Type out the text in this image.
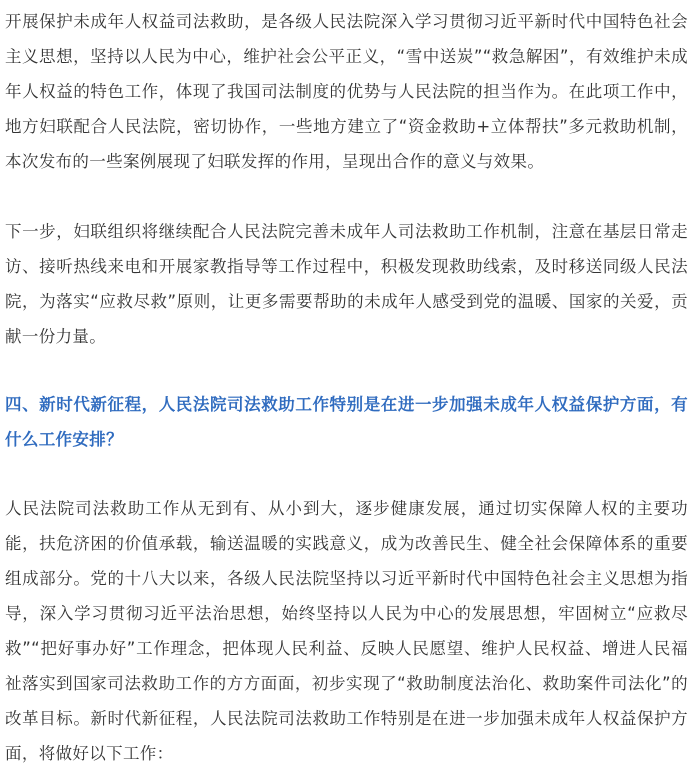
开展保护未成年人权益司法救助，是各级人民法院深入学习贯彻习近平新时代中国特色社会主义思想，坚持以人民为中心，维护社会公平正义，“雪中送炭”“救急解困”，有效维护未成年人权益的特色工作，体现了我国司法制度的优势与人民法院的担当作为。在此项工作中，地方妇联配合人民法院，密切协作，一些地方建立了“资金救助+立体帮扶”多元救助机制，本次发布的一些案例展现了妇联发挥的作用，呈现出合作的意义与效果。

下一步，妇联组织将继续配合人民法院完善未成年人司法救助工作机制，注意在基层日常走访、接听热线来电和开展家教指导等工作过程中，积极发现救助线索，及时移送同级人民法院，为落实“应救尽救”原则，让更多需要帮助的未成年人感受到党的温暖、国家的关爱，贡献一份力量。

四、新时代新征程，人民法院司法救助工作特别是在进一步加强未成年人权益保护方面，有什么工作安排？

人民法院司法救助工作从无到有、从小到大，逐步健康发展，通过切实保障人权的主要功能，扶危济困的价值承载，输送温暖的实践意义，成为改善民生、健全社会保障体系的重要组成部分。党的十八大以来，各级人民法院坚持以习近平新时代中国特色社会主义思想为指导，深入学习贯彻习近平法治思想，始终坚持以人民为中心的发展思想，牢固树立“应救尽救”“把好事办好”工作理念，把体现人民利益、反映人民愿望、维护人民权益、增进人民福祉落实到国家司法救助工作的方方面面，初步实现了“救助制度法治化、救助案件司法化”的改革目标。新时代新征程，人民法院司法救助工作特别是在进一步加强未成年人权益保护方面，将做好以下工作：
